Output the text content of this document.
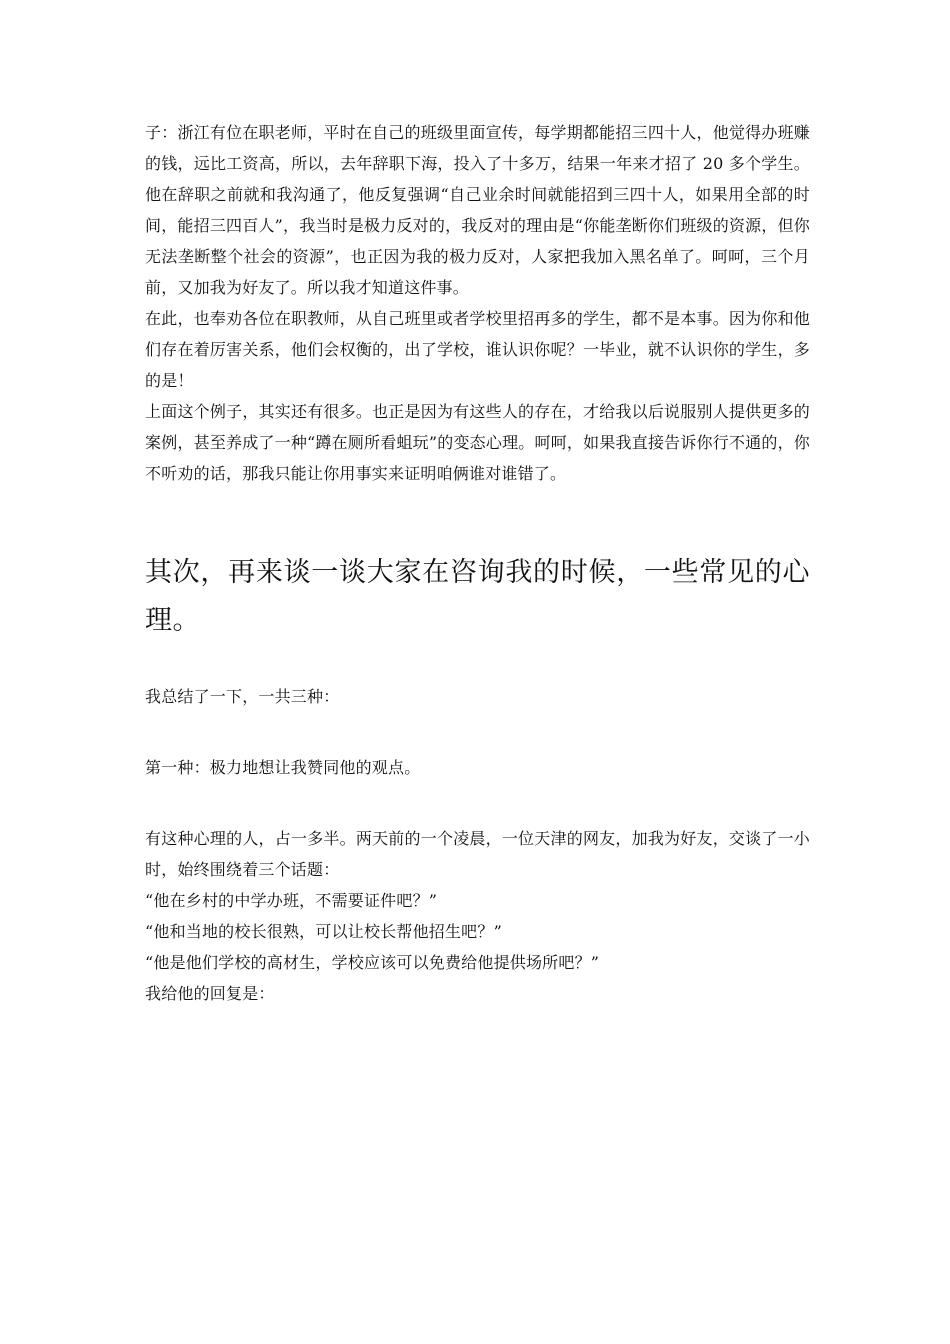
子：浙江有位在职老师，平时在自己的班级里面宣传，每学期都能招三四十人，他觉得办班赚的钱，远比工资高，所以，去年辞职下海，投入了十多万，结果一年来才招了 20 多个学生。他在辞职之前就和我沟通了，他反复强调“自己业余时间就能招到三四十人，如果用全部的时间，能招三四百人”，我当时是极力反对的，我反对的理由是“你能垄断你们班级的资源，但你无法垄断整个社会的资源”，也正因为我的极力反对，人家把我加入黑名单了。呵呵，三个月前，又加我为好友了。所以我才知道这件事。

在此，也奉劝各位在职教师，从自己班里或者学校里招再多的学生，都不是本事。因为你和他们存在着厉害关系，他们会权衡的，出了学校，谁认识你呢？一毕业，就不认识你的学生，多的是！

上面这个例子，其实还有很多。也正是因为有这些人的存在，才给我以后说服别人提供更多的案例，甚至养成了一种“蹲在厕所看蛆玩”的变态心理。呵呵，如果我直接告诉你行不通的，你不听劝的话，那我只能让你用事实来证明咱俩谁对谁错了。

其次，再来谈一谈大家在咨询我的时候，一些常见的心理。

我总结了一下，一共三种：

第一种：极力地想让我赞同他的观点。

有这种心理的人，占一多半。两天前的一个凌晨，一位天津的网友，加我为好友，交谈了一小时，始终围绕着三个话题：

“他在乡村的中学办班，不需要证件吧？”

“他和当地的校长很熟，可以让校长帮他招生吧？”

“他是他们学校的高材生，学校应该可以免费给他提供场所吧？”

我给他的回复是：
